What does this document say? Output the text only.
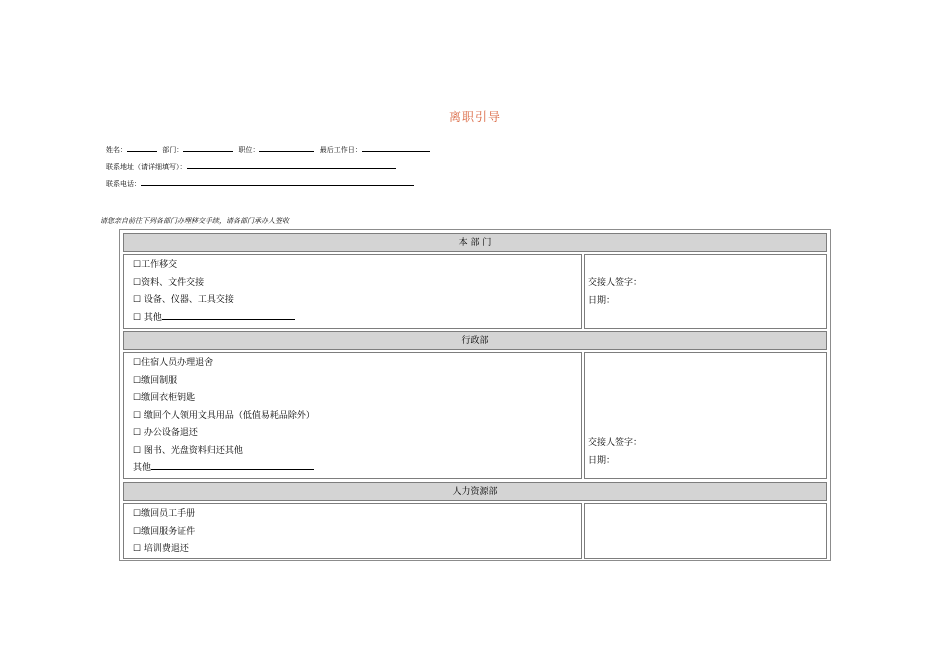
离职引导
姓名：	部门：	职位：	最后工作日：
联系地址（请详细填写）：
联系电话：
请您亲自前往下列各部门办理移交手续，请各部门承办人签收
本 部 门
☐工作移交
☐资料、文件交接
☐ 设备、仪器、工具交接
☐ 其他
交接人签字：
日期：
行政部
☐住宿人员办理退舍
☐缴回制服
☐缴回衣柜钥匙
☐ 缴回个人领用文具用品（低值易耗品除外）
☐ 办公设备退还
☐ 图书、光盘资料归还其他
其他
交接人签字：
日期：
人力资源部
☐缴回员工手册
☐缴回服务证件
☐ 培训费退还
